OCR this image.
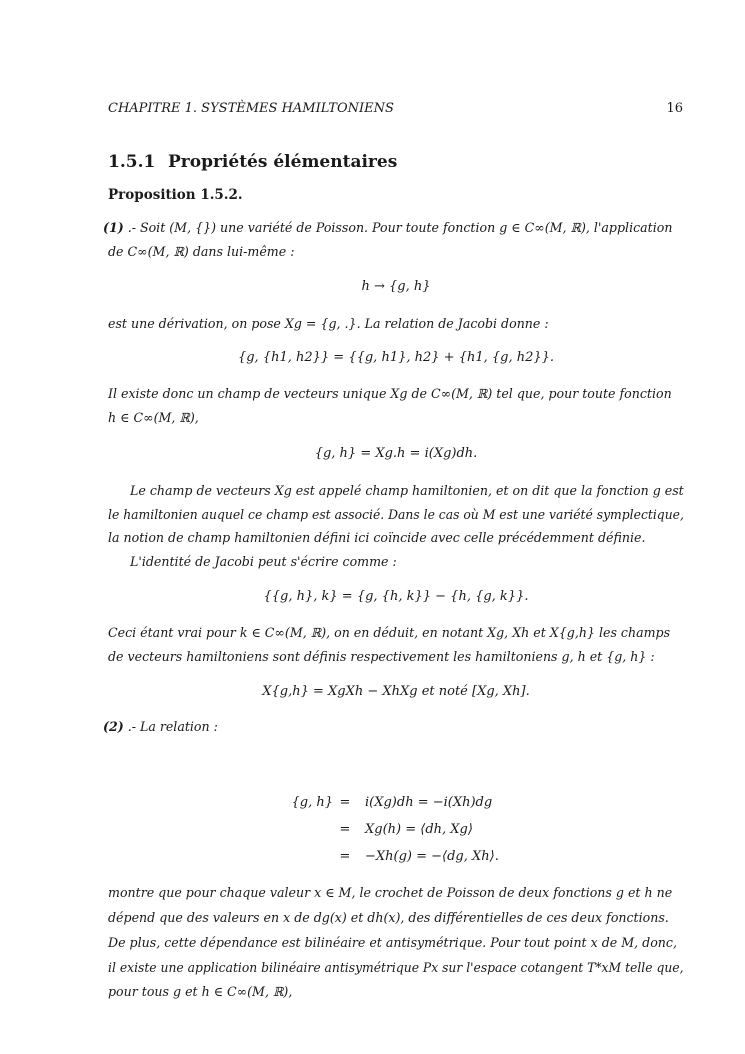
CHAPITRE 1. SYSTÈMES HAMILTONIENS	16
1.5.1 Propriétés élémentaires
Proposition 1.5.2.
(1) .- Soit (M, {}) une variété de Poisson. Pour toute fonction g ∈ C∞(M, ℝ), l'application
de C∞(M, ℝ) dans lui-même :
h → {g, h}
est une dérivation, on pose Xg = {g, .}. La relation de Jacobi donne :
{g, {h1, h2}} = {{g, h1}, h2} + {h1, {g, h2}}.
Il existe donc un champ de vecteurs unique Xg de C∞(M, ℝ) tel que, pour toute fonction
h ∈ C∞(M, ℝ),
{g, h} = Xg.h = i(Xg)dh.
Le champ de vecteurs Xg est appelé champ hamiltonien, et on dit que la fonction g est
le hamiltonien auquel ce champ est associé. Dans le cas où M est une variété symplectique,
la notion de champ hamiltonien défini ici coïncide avec celle précédemment définie.
L'identité de Jacobi peut s'écrire comme :
{{g, h}, k} = {g, {h, k}} − {h, {g, k}}.
Ceci étant vrai pour k ∈ C∞(M, ℝ), on en déduit, en notant Xg, Xh et X{g,h} les champs
de vecteurs hamiltoniens sont définis respectivement les hamiltoniens g, h et {g, h} :
X{g,h} = XgXh − XhXg et noté [Xg, Xh].
(2) .- La relation :
{g, h} = i(Xg)dh = −i(Xh)dg
= Xg(h) = ⟨dh, Xg⟩
= −Xh(g) = −⟨dg, Xh⟩.
montre que pour chaque valeur x ∈ M, le crochet de Poisson de deux fonctions g et h ne
dépend que des valeurs en x de dg(x) et dh(x), des différentielles de ces deux fonctions.
De plus, cette dépendance est bilinéaire et antisymétrique. Pour tout point x de M, donc,
il existe une application bilinéaire antisymétrique Px sur l'espace cotangent T*xM telle que,
pour tous g et h ∈ C∞(M, ℝ),
